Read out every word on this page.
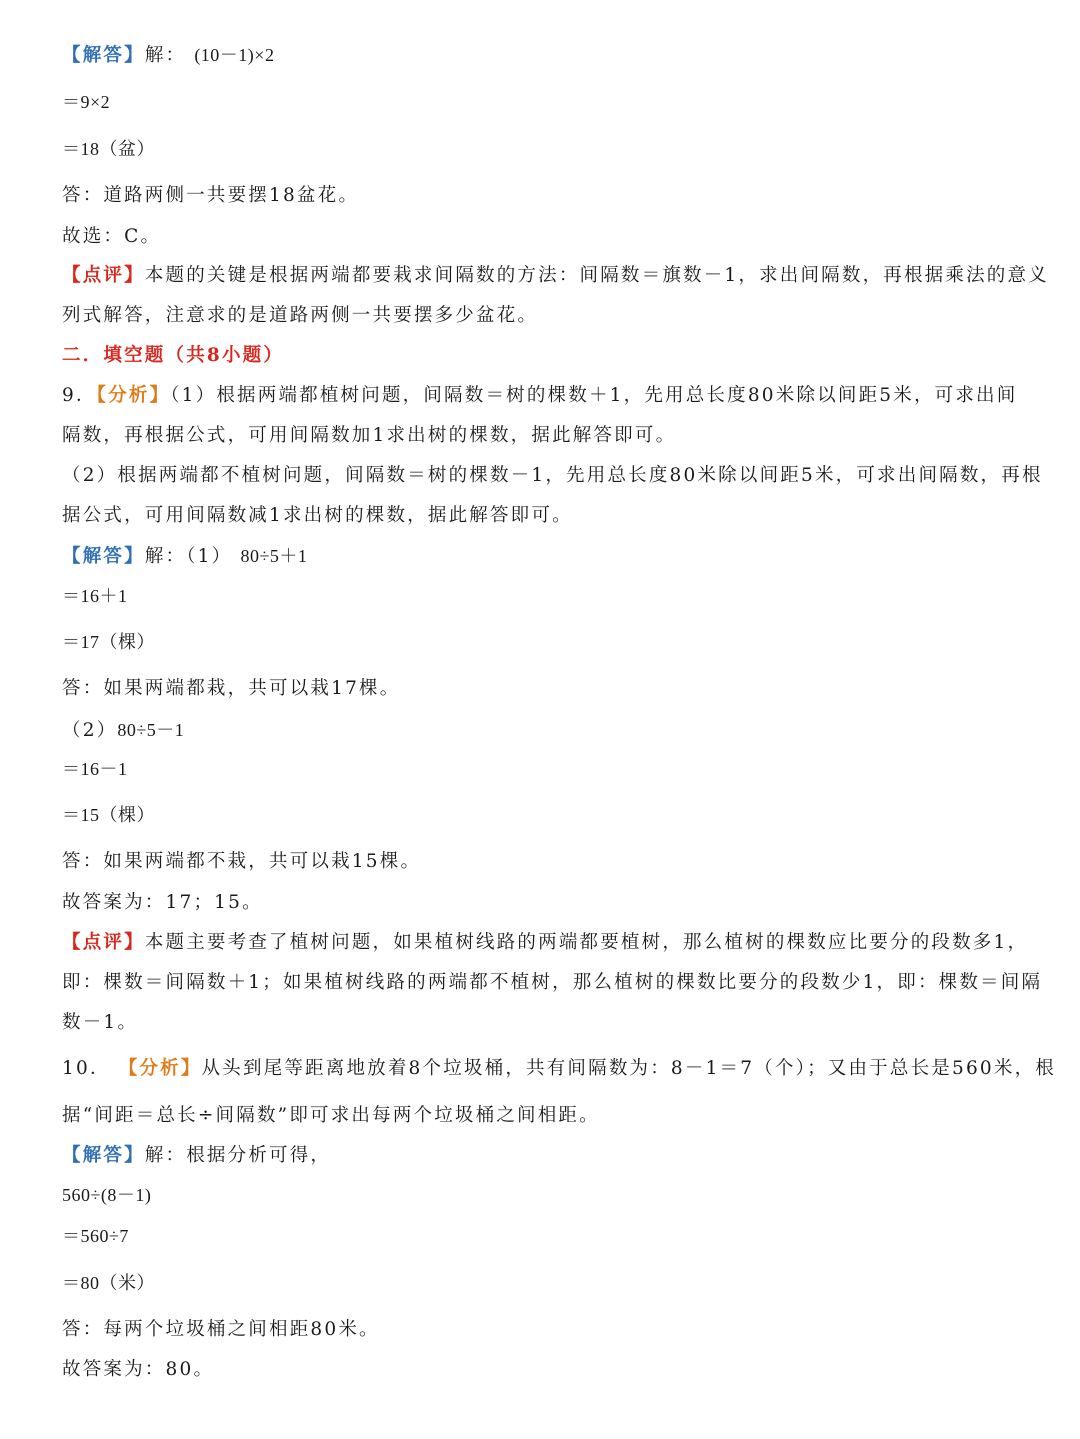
【解答】解： (10－1)×2
＝9×2
＝18（盆）
答：道路两侧一共要摆18盆花。
故选：C。
【点评】本题的关键是根据两端都要栽求间隔数的方法：间隔数＝旗数－1，求出间隔数，再根据乘法的意义
列式解答，注意求的是道路两侧一共要摆多少盆花。
二．填空题（共8小题）
9．【分析】（1）根据两端都植树问题，间隔数＝树的棵数＋1，先用总长度80米除以间距5米，可求出间
隔数，再根据公式，可用间隔数加1求出树的棵数，据此解答即可。
（2）根据两端都不植树问题，间隔数＝树的棵数－1，先用总长度80米除以间距5米，可求出间隔数，再根
据公式，可用间隔数减1求出树的棵数，据此解答即可。
【解答】解：（1） 80÷5＋1
＝16＋1
＝17（棵）
答：如果两端都栽，共可以栽17棵。
（2）80÷5－1
＝16－1
＝15（棵）
答：如果两端都不栽，共可以栽15棵。
故答案为：17；15。
【点评】本题主要考查了植树问题，如果植树线路的两端都要植树，那么植树的棵数应比要分的段数多1，
即：棵数＝间隔数＋1；如果植树线路的两端都不植树，那么植树的棵数比要分的段数少1，即：棵数＝间隔
数－1。
10． 【分析】从头到尾等距离地放着8个垃圾桶，共有间隔数为：8－1＝7（个）；又由于总长是560米，根
据“间距＝总长÷间隔数”即可求出每两个垃圾桶之间相距。
【解答】解：根据分析可得，
560÷(8－1)
＝560÷7
＝80（米）
答：每两个垃圾桶之间相距80米。
故答案为：80。
